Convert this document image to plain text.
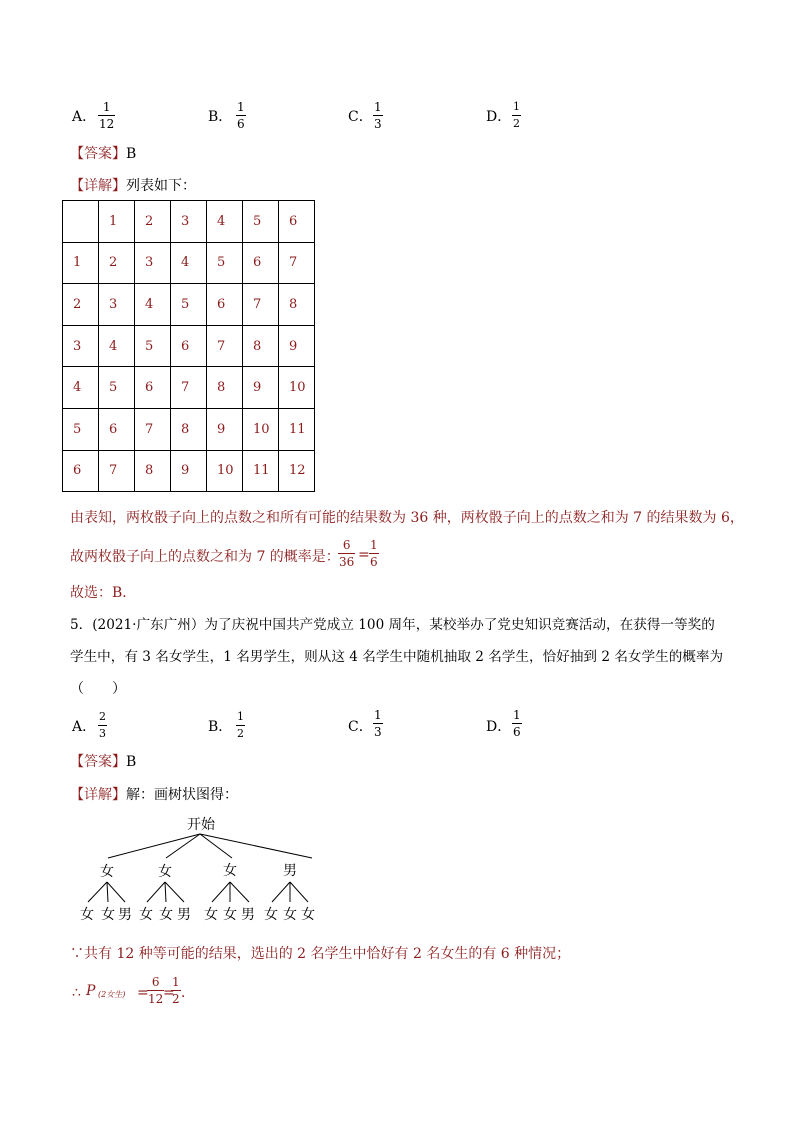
A．
1
12	B．
1
6	C．
1
3	D．
1
2
【答案】B
【详解】列表如下：
	1	2	3	4	5	6
1	2	3	4	5	6	7
2	3	4	5	6	7	8
3	4	5	6	7	8	9
4	5	6	7	8	9	10
5	6	7	8	9	10	11
6	7	8	9	10	11	12
由表知，两枚骰子向上的点数之和所有可能的结果数为 36 种，两枚骰子向上的点数之和为 7 的结果数为 6，
故两枚骰子向上的点数之和为 7 的概率是：
6
36 =
1
6
故选：B．
5．(2021·广东广州）为了庆祝中国共产党成立 100 周年，某校举办了党史知识竞赛活动，在获得一等奖的
学生中，有 3 名女学生，1 名男学生，则从这 4 名学生中随机抽取 2 名学生，恰好抽到 2 名女学生的概率为
（　　）
A．
2
3	B．
1
2	C．
1
3	D．
1
6
【答案】B
【详解】解：画树状图得：
开始
女	女	女	男
女 女 男 女 女 男 女 女 男 女 女 女
∵共有 12 种等可能的结果，选出的 2 名学生中恰好有 2 名女生的有 6 种情况；
∴ P (2女生) =
6
12 =
1
2 ．
